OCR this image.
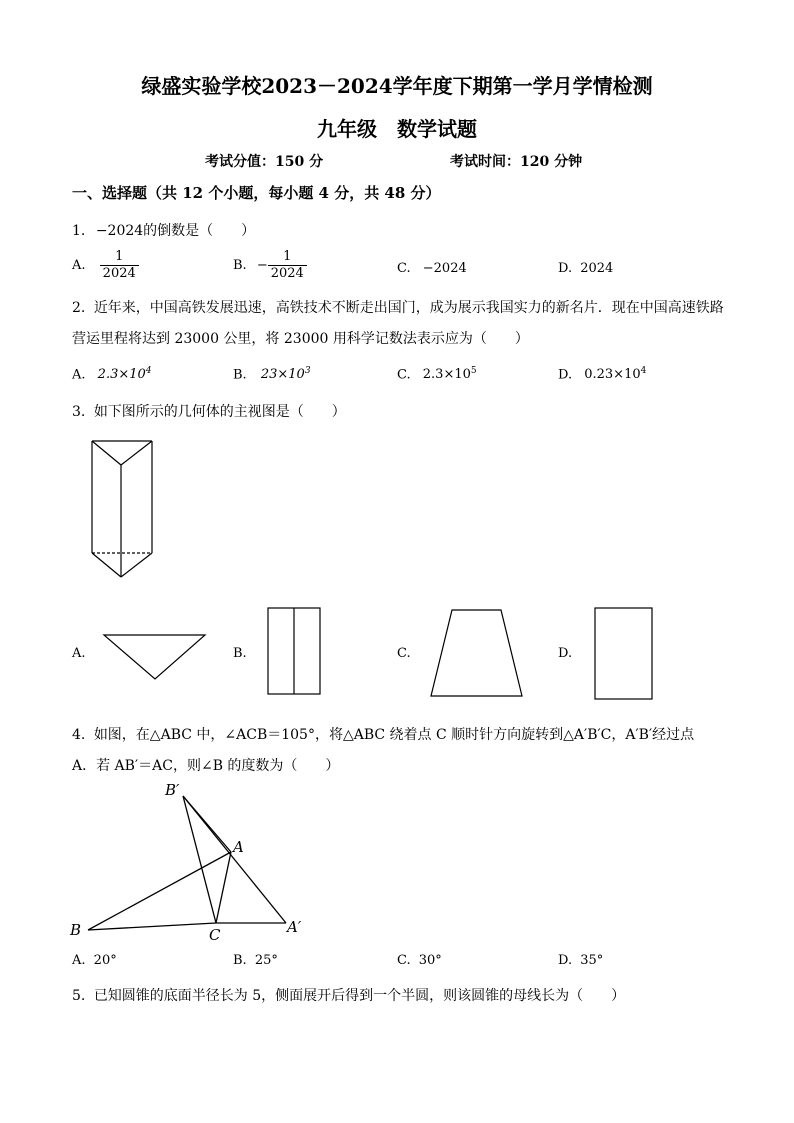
绿盛实验学校2023－2024学年度下期第一学月学情检测
九年级　数学试题
考试分值：150 分	考试时间：120 分钟
一、选择题（共 12 个小题，每小题 4 分，共 48 分）
1. −2024的倒数是（　　）
A. $\frac{1}{2024}$	B. − $\frac{1}{2024}$	C. −2024	D. 2024
2. 近年来，中国高铁发展迅速，高铁技术不断走出国门，成为展示我国实力的新名片．现在中国高速铁路
营运里程将达到 23000 公里，将 23000 用科学记数法表示应为（　　）
A. $2.3\times 10^4$	B. $23\times 10^3$	C. $2.3\times 10^5$	D. $0.23\times 10^4$
3. 如下图所示的几何体的主视图是（　　）
A.	B.	C.	D.
4. 如图，在△ABC 中，∠ACB＝105°，将△ABC 绕着点 C 顺时针方向旋转到△A′B′C，A′B′经过点
A．若 AB′＝AC，则∠B 的度数为（　　）
B′
A
B	C	A′
A. 20°	B. 25°	C. 30°	D. 35°
5. 已知圆锥的底面半径长为 5，侧面展开后得到一个半圆，则该圆锥的母线长为（　　）
